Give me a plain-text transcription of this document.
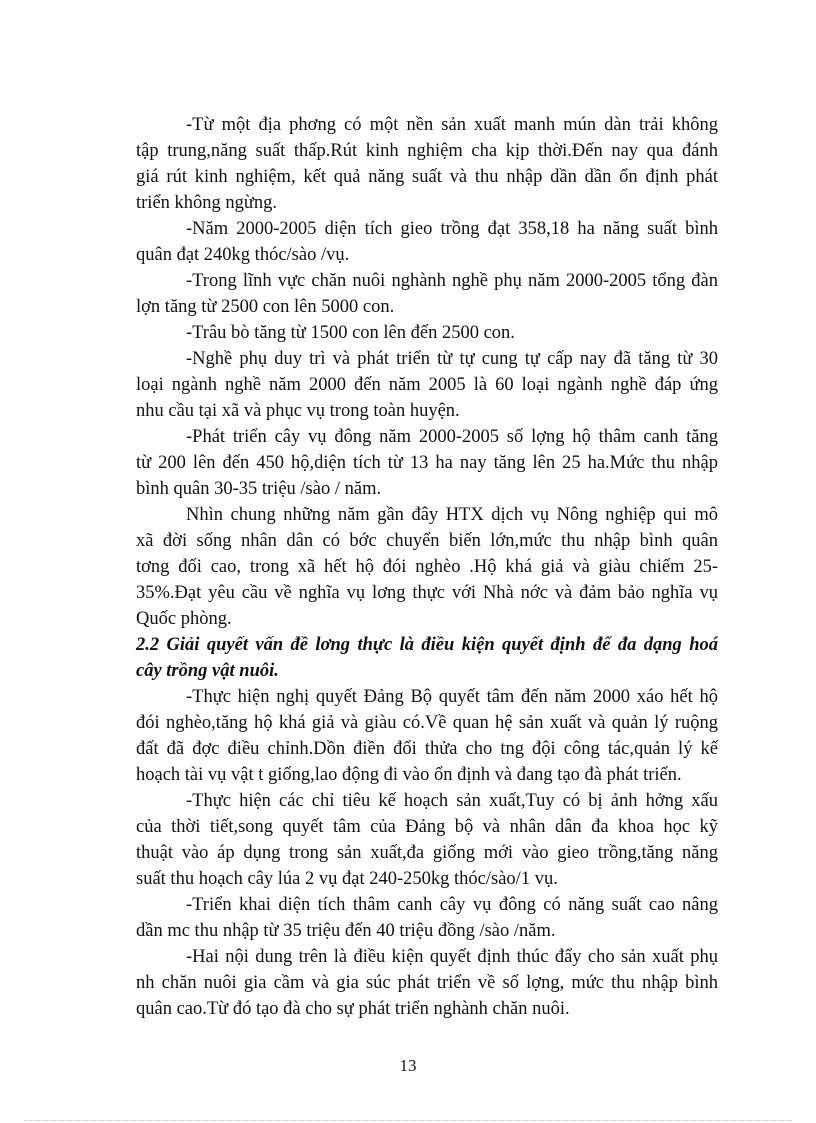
-Từ một địa phơng có một nền sản xuất manh mún dàn trải không
tập trung,năng suất thấp.Rút kinh nghiệm cha kịp thời.Đến nay qua đánh
giá rút kinh nghiệm, kết quả năng suất và thu nhập dần dần ổn định phát
triển không ngừng.
-Năm 2000-2005 diện tích gieo trồng đạt 358,18 ha năng suất bình
quân đạt 240kg thóc/sào /vụ.
-Trong lĩnh vực chăn nuôi nghành nghề phụ năm 2000-2005 tổng đàn
lợn tăng từ 2500 con lên 5000 con.
-Trâu bò tăng từ 1500 con lên đến 2500 con.
-Nghề phụ duy trì và phát triển từ tự cung tự cấp nay đã tăng từ 30
loại ngành nghề năm 2000 đến năm 2005 là 60 loại ngành nghề đáp ứng
nhu cầu tại xã và phục vụ trong toàn huyện.
-Phát triển cây vụ đông năm 2000-2005 số lợng hộ thâm canh tăng
từ 200 lên đến 450 hộ,diện tích từ 13 ha nay tăng lên 25 ha.Mức thu nhập
bình quân 30-35 triệu /sào / năm.
Nhìn chung những năm gần đây HTX dịch vụ Nông nghiệp qui mô
xã đời sống nhân dân có bớc chuyển biến lớn,mức thu nhập bình quân
tơng đối cao, trong xã hết hộ đói nghèo .Hộ khá giả và giàu chiếm 25-
35%.Đạt yêu cầu về nghĩa vụ lơng thực với Nhà nớc và đảm bảo nghĩa vụ
Quốc phòng.
2.2 Giải quyết vấn đề lơng thực là điều kiện quyết định để đa dạng hoá
cây trồng vật nuôi.
-Thực hiện nghị quyết Đảng Bộ quyết tâm đến năm 2000 xáo hết hộ
đói nghèo,tăng hộ khá giả và giàu có.Về quan hệ sản xuất và quản lý ruộng
đất đã đợc điều chỉnh.Dồn điền đổi thửa cho tng đội công tác,quản lý kế
hoạch tài vụ vật t giống,lao động đi vào ổn định và đang tạo đà phát triển.
-Thực hiện các chỉ tiêu kế hoạch sản xuất,Tuy có bị ảnh hởng xấu
của thời tiết,song quyết tâm của Đảng bộ và nhân dân đa khoa học kỹ
thuật vào áp dụng trong sản xuất,đa giống mới vào gieo trồng,tăng năng
suất thu hoạch cây lúa 2 vụ đạt 240-250kg thóc/sào/1 vụ.
-Triển khai diện tích thâm canh cây vụ đông có năng suất cao nâng
dần mc thu nhập từ 35 triệu đến 40 triệu đồng /sào /năm.
-Hai nội dung trên là điều kiện quyết định thúc đẩy cho sản xuất phụ
nh chăn nuôi gia cầm và gia súc phát triển về số lợng, mức thu nhập bình
quân cao.Từ đó tạo đà cho sự phát triển nghành chăn nuôi.
13
